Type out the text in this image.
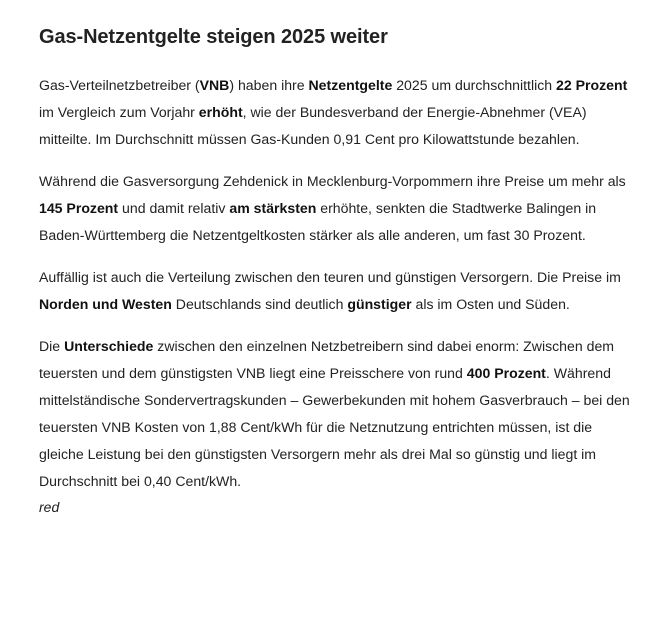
Gas-Netzentgelte steigen 2025 weiter

Gas-Verteilnetzbetreiber (VNB) haben ihre Netzentgelte 2025 um durchschnittlich 22 Prozent im Vergleich zum Vorjahr erhöht, wie der Bundesverband der Energie-Abnehmer (VEA) mitteilte. Im Durchschnitt müssen Gas-Kunden 0,91 Cent pro Kilowattstunde bezahlen.

Während die Gasversorgung Zehdenick in Mecklenburg-Vorpommern ihre Preise um mehr als 145 Prozent und damit relativ am stärksten erhöhte, senkten die Stadtwerke Balingen in Baden-Württemberg die Netzentgeltkosten stärker als alle anderen, um fast 30 Prozent.

Auffällig ist auch die Verteilung zwischen den teuren und günstigen Versorgern. Die Preise im Norden und Westen Deutschlands sind deutlich günstiger als im Osten und Süden.

Die Unterschiede zwischen den einzelnen Netzbetreibern sind dabei enorm: Zwischen dem teuersten und dem günstigsten VNB liegt eine Preisschere von rund 400 Prozent. Während mittelständische Sondervertragskunden – Gewerbekunden mit hohem Gasverbrauch – bei den teuersten VNB Kosten von 1,88 Cent/kWh für die Netznutzung entrichten müssen, ist die gleiche Leistung bei den günstigsten Versorgern mehr als drei Mal so günstig und liegt im Durchschnitt bei 0,40 Cent/kWh.

red
